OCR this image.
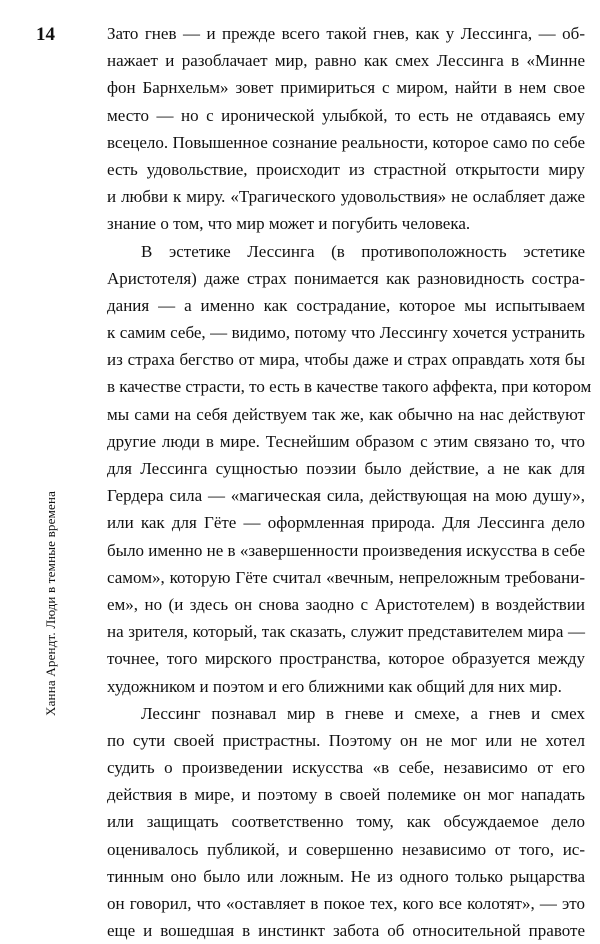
14
Ханна Арендт. Люди в темные времена
Зато гнев — и прежде всего такой гнев, как у Лессинга, — об-
нажает и разоблачает мир, равно как смех Лессинга в «Минне
фон Барнхельм» зовет примириться с миром, найти в нем свое
место — но с иронической улыбкой, то есть не отдаваясь ему
всецело. Повышенное сознание реальности, которое само по себе
есть удовольствие, происходит из страстной открытости миру
и любви к миру. «Трагического удовольствия» не ослабляет даже
знание о том, что мир может и погубить человека.
В эстетике Лессинга (в противоположность эстетике
Аристотеля) даже страх понимается как разновидность сострa-
дания — а именно как сострадание, которое мы испытываем
к самим себе, — видимо, потому что Лессингу хочется устранить
из страха бегство от мира, чтобы даже и страх оправдать хотя бы
в качестве страсти, то есть в качестве такого аффекта, при котором
мы сами на себя действуем так же, как обычно на нас действуют
другие люди в мире. Теснейшим образом с этим связано то, что
для Лессинга сущностью поэзии было действие, а не как для
Гердера сила — «магическая сила, действующая на мою душу»,
или как для Гёте — оформленная природа. Для Лессинга дело
было именно не в «завершенности произведения искусства в себе
самом», которую Гёте считал «вечным, непреложным требовани-
ем», но (и здесь он снова заодно с Аристотелем) в воздействии
на зрителя, который, так сказать, служит представителем мира —
точнее, того мирского пространства, которое образуется между
художником и поэтом и его ближними как общий для них мир.
Лессинг познавал мир в гневе и смехе, а гнев и смех
по сути своей пристрастны. Поэтому он не мог или не хотел
судить о произведении искусства «в себе, независимо от его
действия в мире, и поэтому в своей полемике он мог нападать
или защищать соответственно тому, как обсуждаемое дело
оценивалось публикой, и совершенно независимо от того, ис-
тинным оно было или ложным. Не из одного только рыцарства
он говорил, что «оставляет в покое тех, кого все колотят», — это
еще и вошедшая в инстинкт забота об относительной правоте
